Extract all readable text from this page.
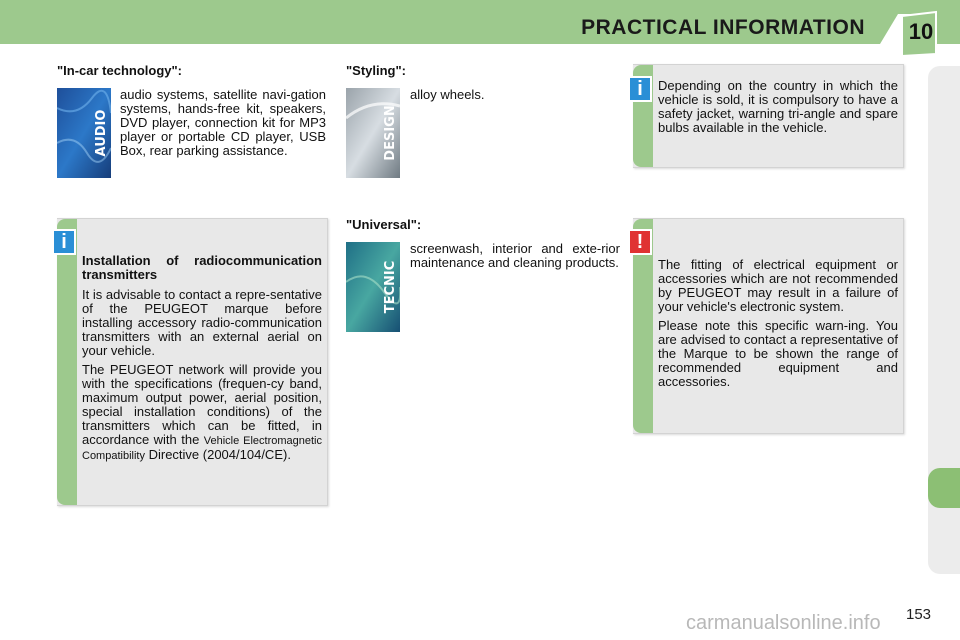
PRACTICAL INFORMATION 10
"In-car technology":
AUDIO
audio systems, satellite navi-gation systems, hands-free kit, speakers, DVD player, connection kit for MP3 player or portable CD player, USB Box, rear parking assistance.
"Styling":
DESIGN
alloy wheels.
"Universal":
TECNIC
screenwash, interior and exte-rior maintenance and cleaning products.
i	Depending on the country in which the vehicle is sold, it is compulsory to have a safety jacket, warning tri-angle and spare bulbs available in the vehicle.
i
Installation of radiocommunication transmitters

It is advisable to contact a repre-sentative of the PEUGEOT marque before installing accessory radio-communication transmitters with an external aerial on your vehicle.

The PEUGEOT network will provide you with the specifications (frequen-cy band, maximum output power, aerial position, special installation conditions) of the transmitters which can be fitted, in accordance with the Vehicle Electromagnetic Compatibility Directive (2004/104/CE).

!

The fitting of electrical equipment or accessories which are not recommended by PEUGEOT may result in a failure of your vehicle's electronic system.

Please note this specific warn-ing. You are advised to contact a representative of the Marque to be shown the range of recommended equipment and accessories.

153
carmanualsonline.info
